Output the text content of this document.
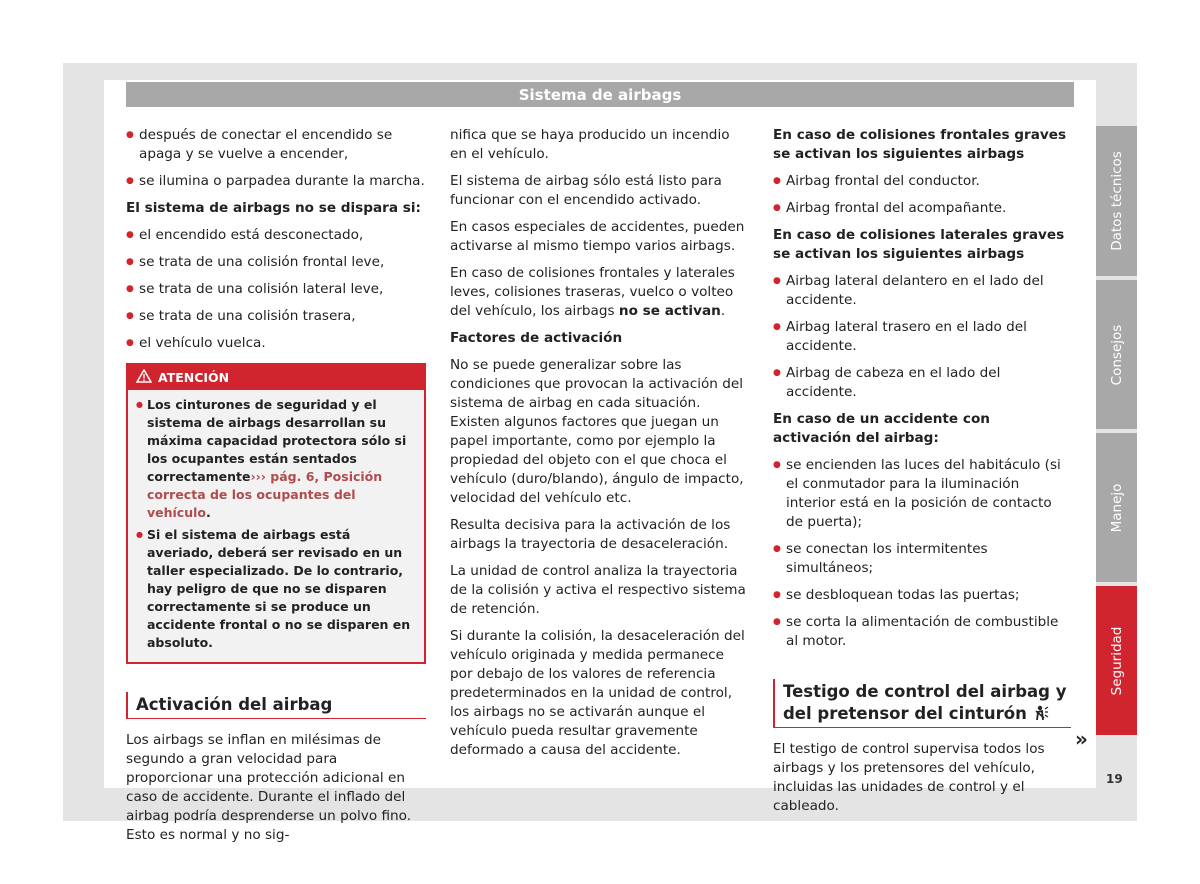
Sistema de airbags

● después de conectar el encendido se apaga y se vuelve a encender,

● se ilumina o parpadea durante la marcha.

El sistema de airbags no se dispara si:

● el encendido está desconectado,

● se trata de una colisión frontal leve,

● se trata de una colisión lateral leve,

● se trata de una colisión trasera,

● el vehículo vuelca.

ATENCIÓN

● Los cinturones de seguridad y el sistema de airbags desarrollan su máxima capacidad protectora sólo si los ocupantes están sentados correctamente››› pág. 6, Posición correcta de los ocupantes del vehículo.

● Si el sistema de airbags está averiado, deberá ser revisado en un taller especializado. De lo contrario, hay peligro de que no se disparen correctamente si se produce un accidente frontal o no se disparen en absoluto.

Activación del airbag

Los airbags se inflan en milésimas de segundo a gran velocidad para proporcionar una protección adicional en caso de accidente. Durante el inflado del airbag podría desprenderse un polvo fino. Esto es normal y no sig-

nifica que se haya producido un incendio en el vehículo.

El sistema de airbag sólo está listo para funcionar con el encendido activado.

En casos especiales de accidentes, pueden activarse al mismo tiempo varios airbags.

En caso de colisiones frontales y laterales leves, colisiones traseras, vuelco o volteo del vehículo, los airbags no se activan.

Factores de activación

No se puede generalizar sobre las condiciones que provocan la activación del sistema de airbag en cada situación. Existen algunos factores que juegan un papel importante, como por ejemplo la propiedad del objeto con el que choca el vehículo (duro/blando), ángulo de impacto, velocidad del vehículo etc.

Resulta decisiva para la activación de los airbags la trayectoria de desaceleración.

La unidad de control analiza la trayectoria de la colisión y activa el respectivo sistema de retención.

Si durante la colisión, la desaceleración del vehículo originada y medida permanece por debajo de los valores de referencia predeterminados en la unidad de control, los airbags no se activarán aunque el vehículo pueda resultar gravemente deformado a causa del accidente.

En caso de colisiones frontales graves se activan los siguientes airbags

● Airbag frontal del conductor.

● Airbag frontal del acompañante.

En caso de colisiones laterales graves se activan los siguientes airbags

● Airbag lateral delantero en el lado del accidente.

● Airbag lateral trasero en el lado del accidente.

● Airbag de cabeza en el lado del accidente.

En caso de un accidente con activación del airbag:

● se encienden las luces del habitáculo (si el conmutador para la iluminación interior está en la posición de contacto de puerta);

● se conectan los intermitentes simultáneos;

● se desbloquean todas las puertas;

● se corta la alimentación de combustible al motor.

Testigo de control del airbag y del pretensor del cinturón

El testigo de control supervisa todos los airbags y los pretensores del vehículo, incluidas las unidades de control y el cableado.

»
Datos técnicos
Consejos
Manejo
Seguridad
19
